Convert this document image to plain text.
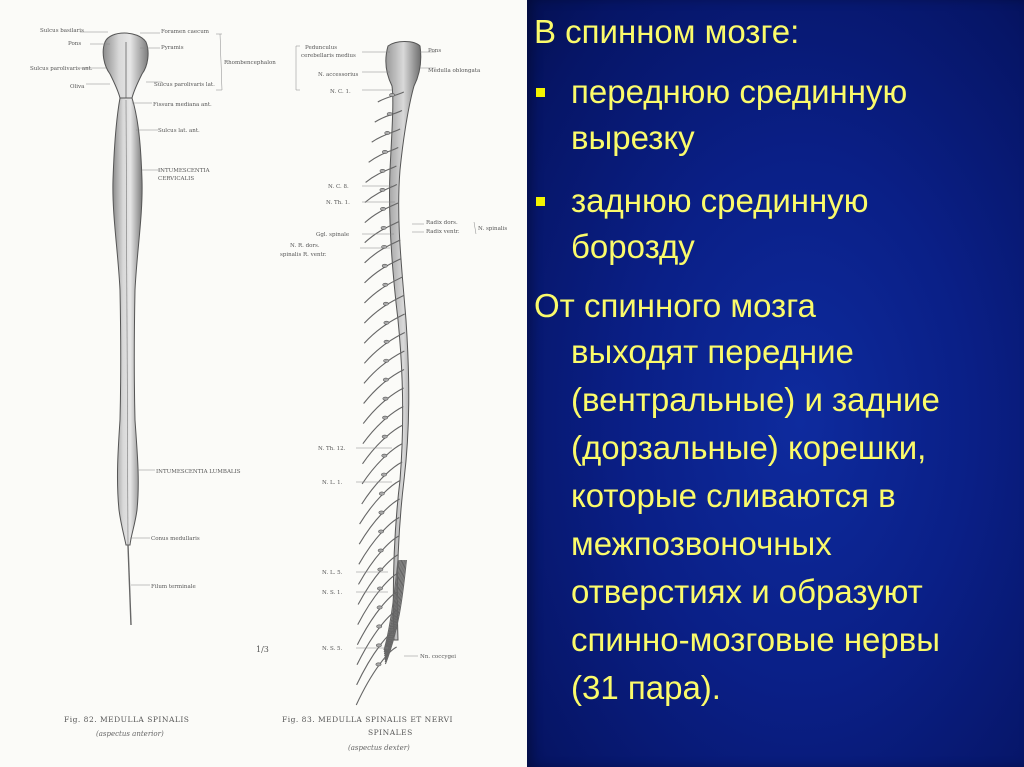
Sulcus basilaris
Pons
Sulcus parolivaris ant.
Oliva
Foramen caecum
Pyramis
Rhombencephalon
Sulcus parolivaris lat.
Fissura mediana ant.
Sulcus lat. ant.
INTUMESCENTIA
CERVICALIS
INTUMESCENTIA LUMBALIS
Conus medullaris
Filum terminale
1/3
Fig. 82. MEDULLA SPINALIS
(aspectus anterior)
Pedunculus
cerebellaris medius
Pons
Medulla oblongata
N. accessorius
N. C. 1.
N. C. 8.
N. Th. 1.
Radix dors.
Radix ventr.	N. spinalis
Ggl. spinale
N. R. dors.
spinalis R. ventr.
N. Th. 12.
N. L. 1.
N. L. 5.
N. S. 1.
N. S. 5.
Nn. coccygei
Fig. 83. MEDULLA SPINALIS ET NERVI
SPINALES
(aspectus dexter)
В спинном мозге:
переднюю срединную
вырезку
заднюю срединную
борозду
От спинного мозга
выходят передние
(вентральные) и задние
(дорзальные) корешки,
которые сливаются в
межпозвоночных
отверстиях и образуют
спинно-мозговые нервы
(31 пара).
